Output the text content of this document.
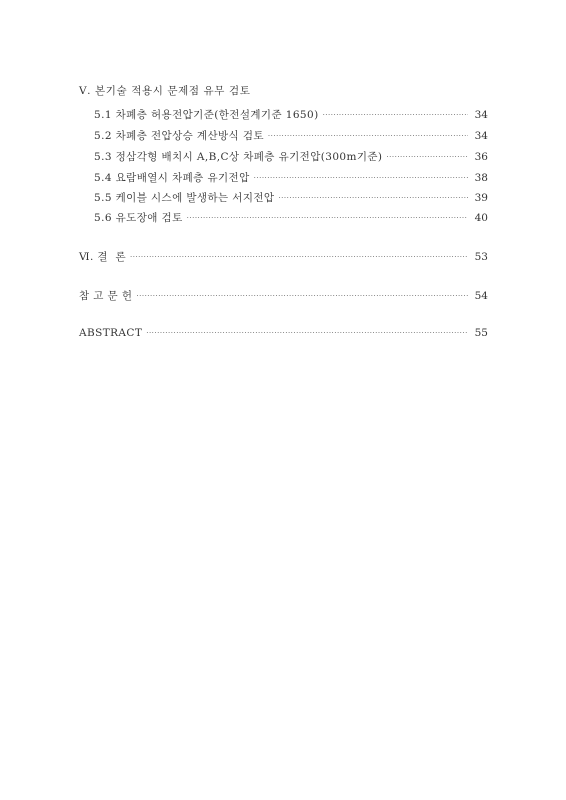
Ⅴ. 본기술 적용시 문제점 유무 검토
5.1 차폐층 허용전압기준(한전설계기준 1650) ·····	34
5.2 차폐층 전압상승 계산방식 검토 ·····	34
5.3 정삼각형 배치시 A,B,C상 차폐층 유기전압(300m기준) ·····	36
5.4 요람배열시 차폐층 유기전압 ·····	38
5.5 케이블 시스에 발생하는 서지전압 ·····	39
5.6 유도장애 검토 ·····	40
Ⅵ. 결  론 ·····	53
참 고 문 헌 ·····	54
ABSTRACT ·····	55
